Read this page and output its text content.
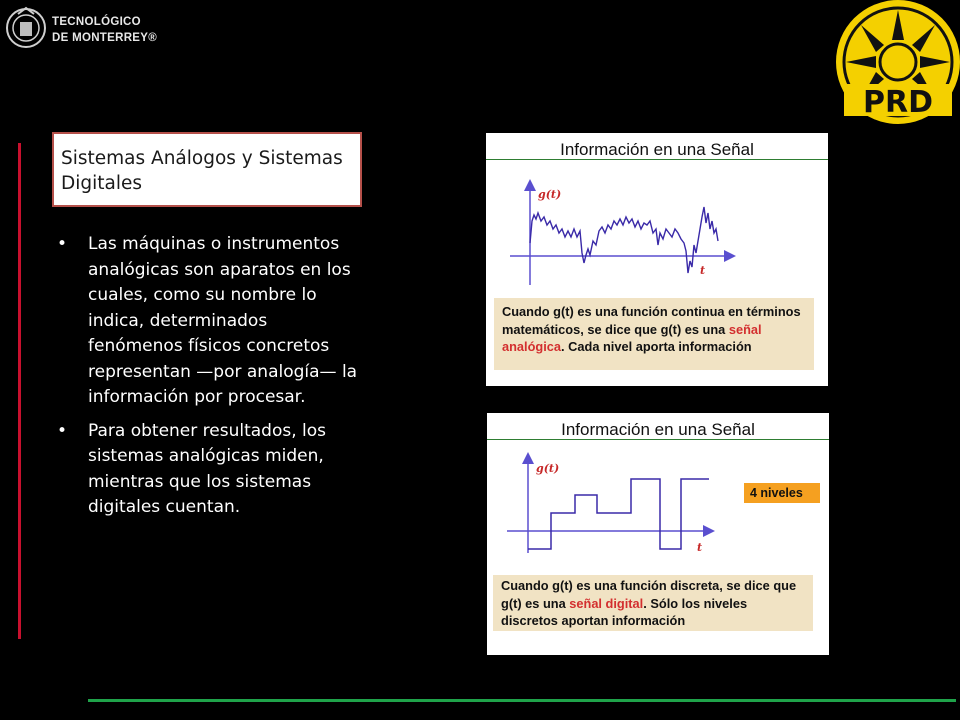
TECNOLÓGICO
DE MONTERREY®
PRD
Sistemas Análogos y Sistemas Digitales
• Las máquinas o instrumentos analógicas son aparatos en los cuales, como su nombre lo indica, determinados fenómenos físicos concretos representan —por analogía— la información por procesar.
• Para obtener resultados, los sistemas analógicas miden, mientras que los sistemas digitales cuentan.
Información en una Señal
g(t)
t
Cuando g(t) es una función continua en términos matemáticos, se dice que g(t) es una señal analógica. Cada nivel aporta información
Información en una Señal
g(t)
t
4 niveles
Cuando g(t) es una función discreta, se dice que g(t) es una señal digital. Sólo los niveles discretos aportan información
